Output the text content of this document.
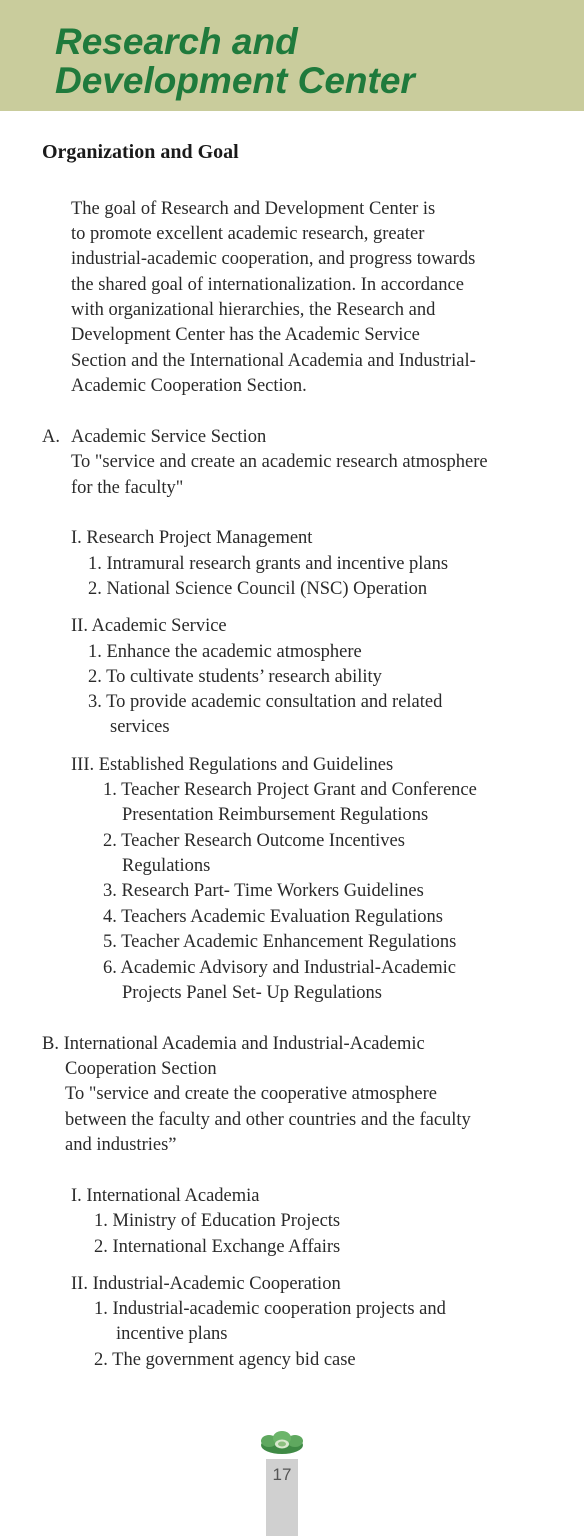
Research and
Development Center
Organization and Goal

The goal of Research and Development Center is

to promote excellent academic research, greater

industrial-academic cooperation, and progress towards

the shared goal of internationalization. In accordance

with organizational hierarchies, the Research and

Development Center has the Academic Service

Section and the International Academia and Industrial-

Academic Cooperation Section.

A. Academic Service Section

To "service and create an academic research atmosphere

for the faculty"

I. Research Project Management

1. Intramural research grants and incentive plans

2. National Science Council (NSC) Operation

II. Academic Service

1. Enhance the academic atmosphere

2. To cultivate students’ research ability

3. To provide academic consultation and related

services

III. Established Regulations and Guidelines

1. Teacher Research Project Grant and Conference

Presentation Reimbursement Regulations

2. Teacher Research Outcome Incentives

Regulations

3. Research Part- Time Workers Guidelines

4. Teachers Academic Evaluation Regulations

5. Teacher Academic Enhancement Regulations

6. Academic Advisory and Industrial-Academic

Projects Panel Set- Up Regulations

B. International Academia and Industrial-Academic

Cooperation Section

To "service and create the cooperative atmosphere

between the faculty and other countries and the faculty

and industries”

I. International Academia

1. Ministry of Education Projects

2. International Exchange Affairs

II. Industrial-Academic Cooperation

1. Industrial-academic cooperation projects and

incentive plans

2. The government agency bid case

17
